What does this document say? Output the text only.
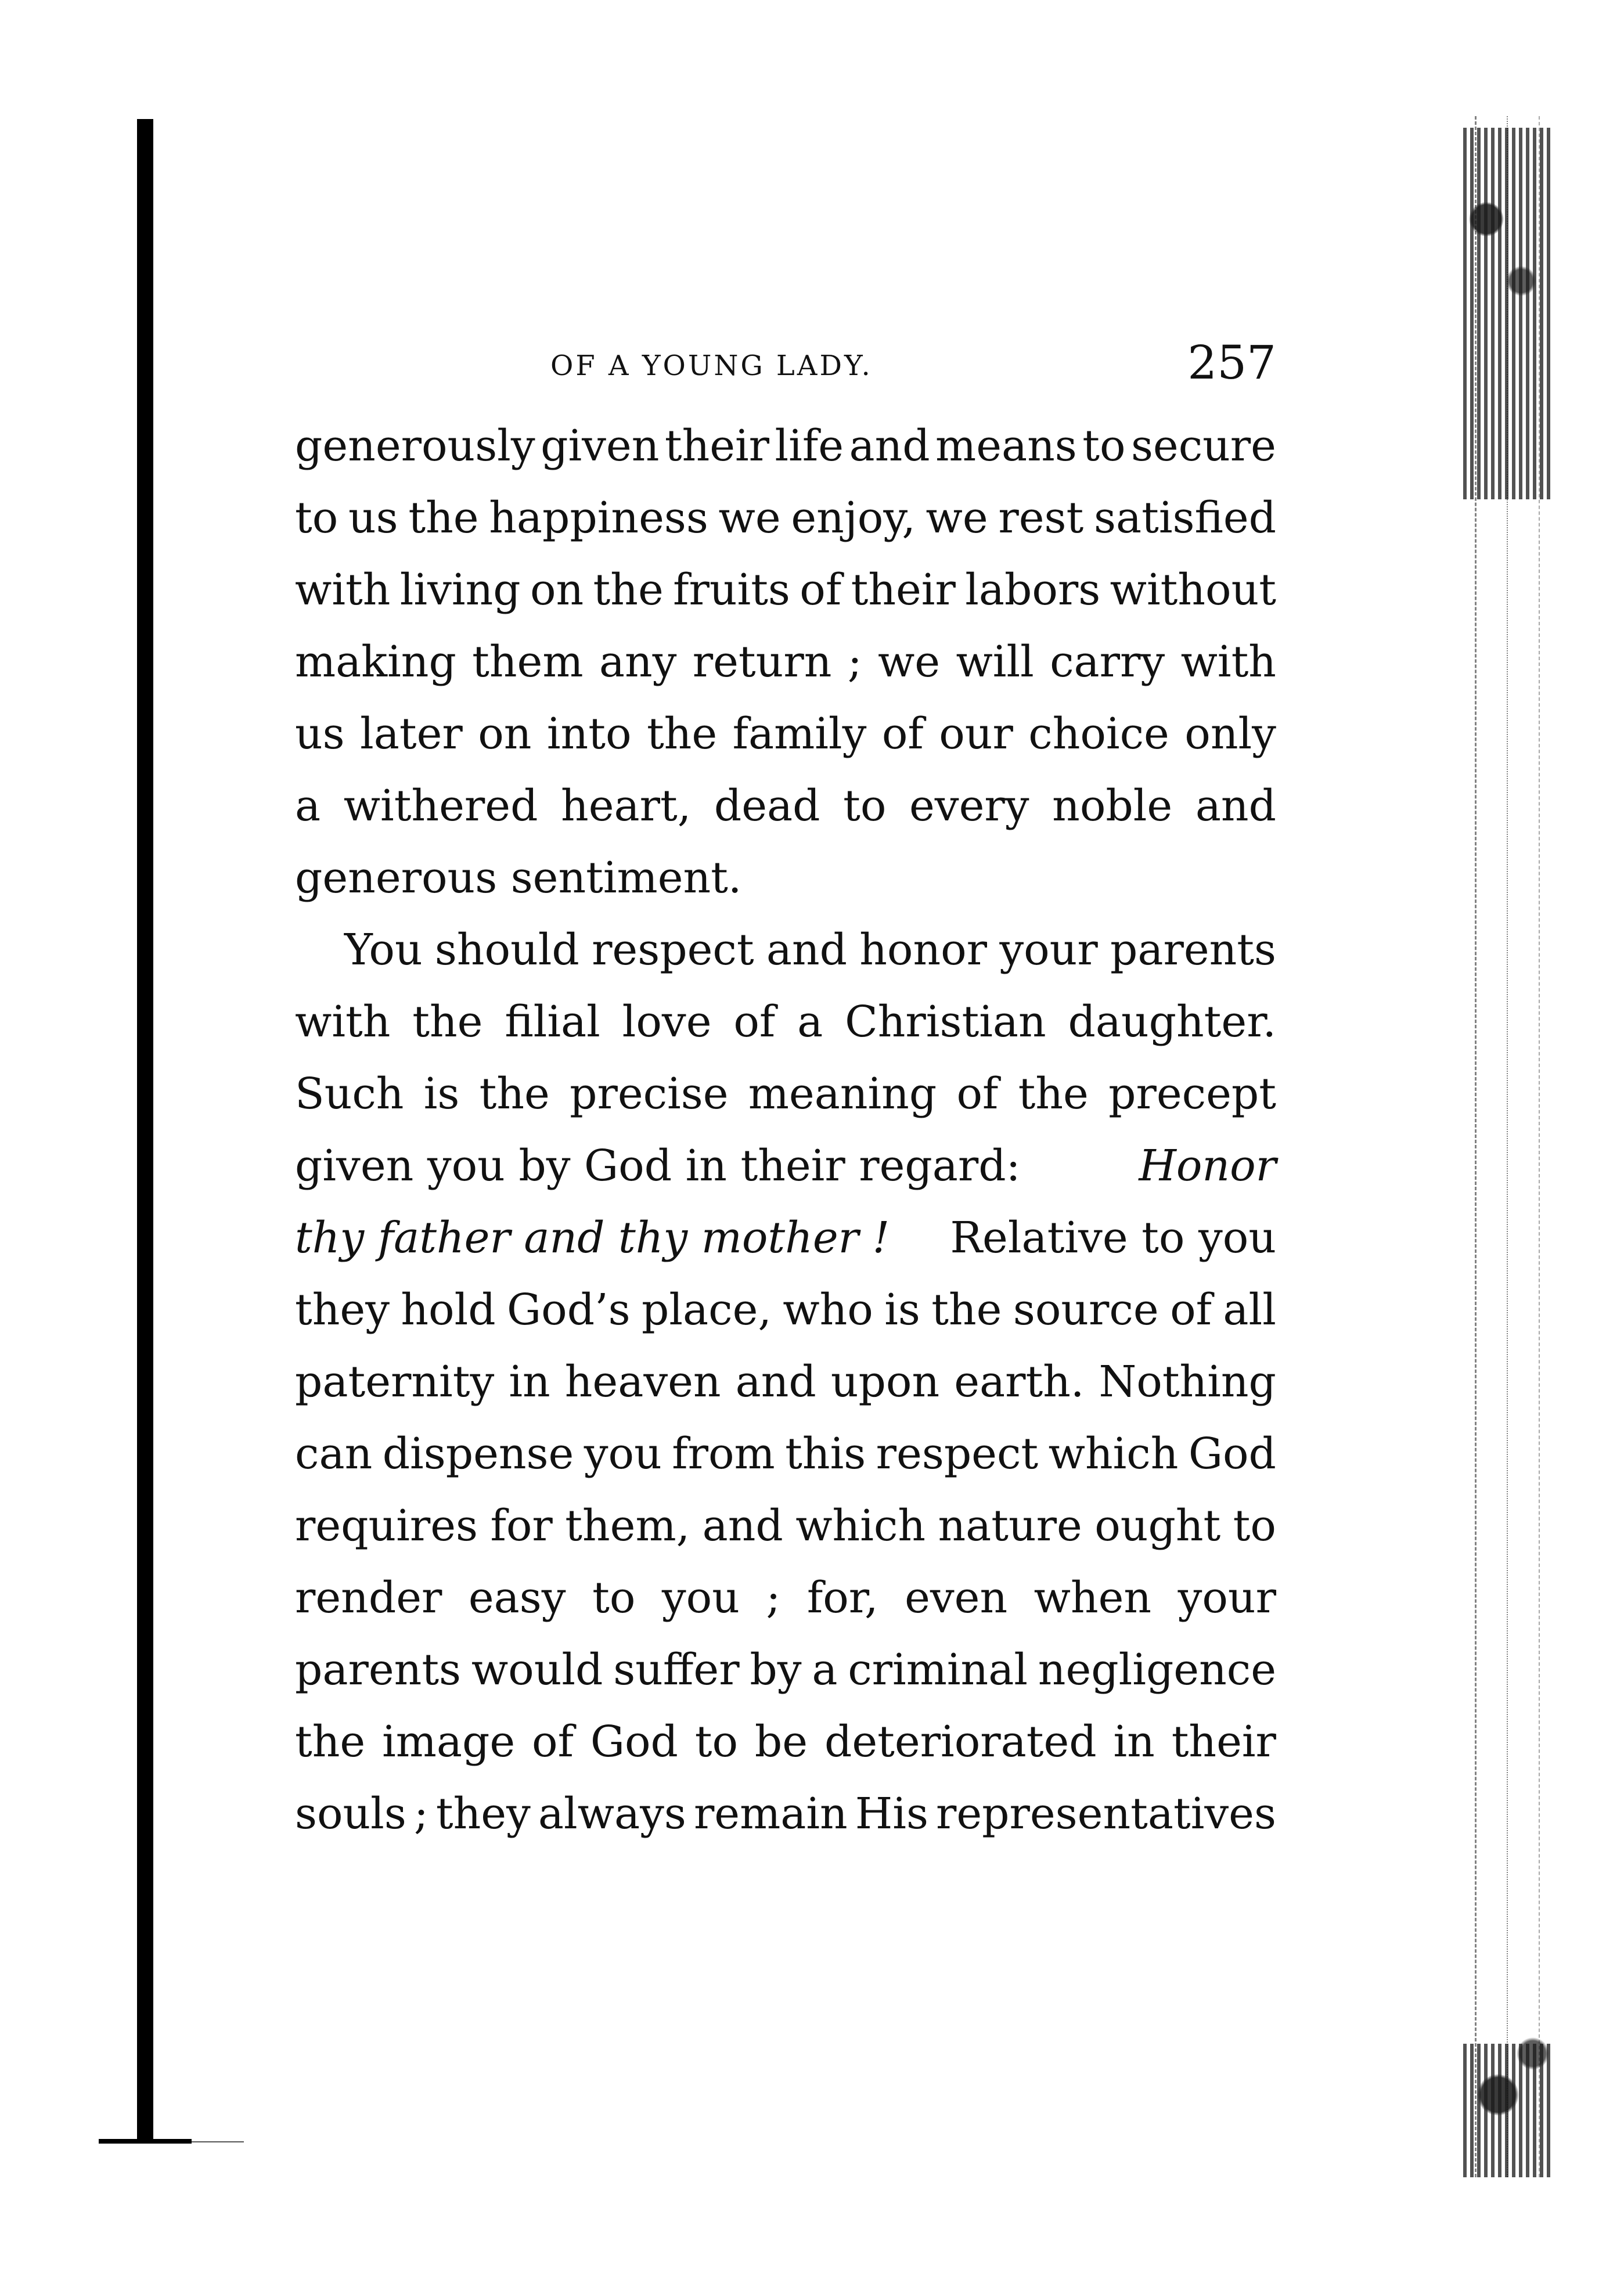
OF A YOUNG LADY.	257
generously given their life and means to secure
to us the happiness we enjoy, we rest satisfied
with living on the fruits of their labors without
making them any return ; we will carry with
us later on into the family of our choice only
a withered heart, dead to every noble and
generous sentiment.
You should respect and honor your parents
with the filial love of a Christian daughter.
Such is the precise meaning of the precept
given you by God in their regard:	Honor
thy father and thy mother ! Relative to you
they hold God’s place, who is the source of all
paternity in heaven and upon earth. Nothing
can dispense you from this respect which God
requires for them, and which nature ought to
render easy to you ; for, even when your
parents would suffer by a criminal negligence
the image of God to be deteriorated in their
souls ; they always remain His representatives
